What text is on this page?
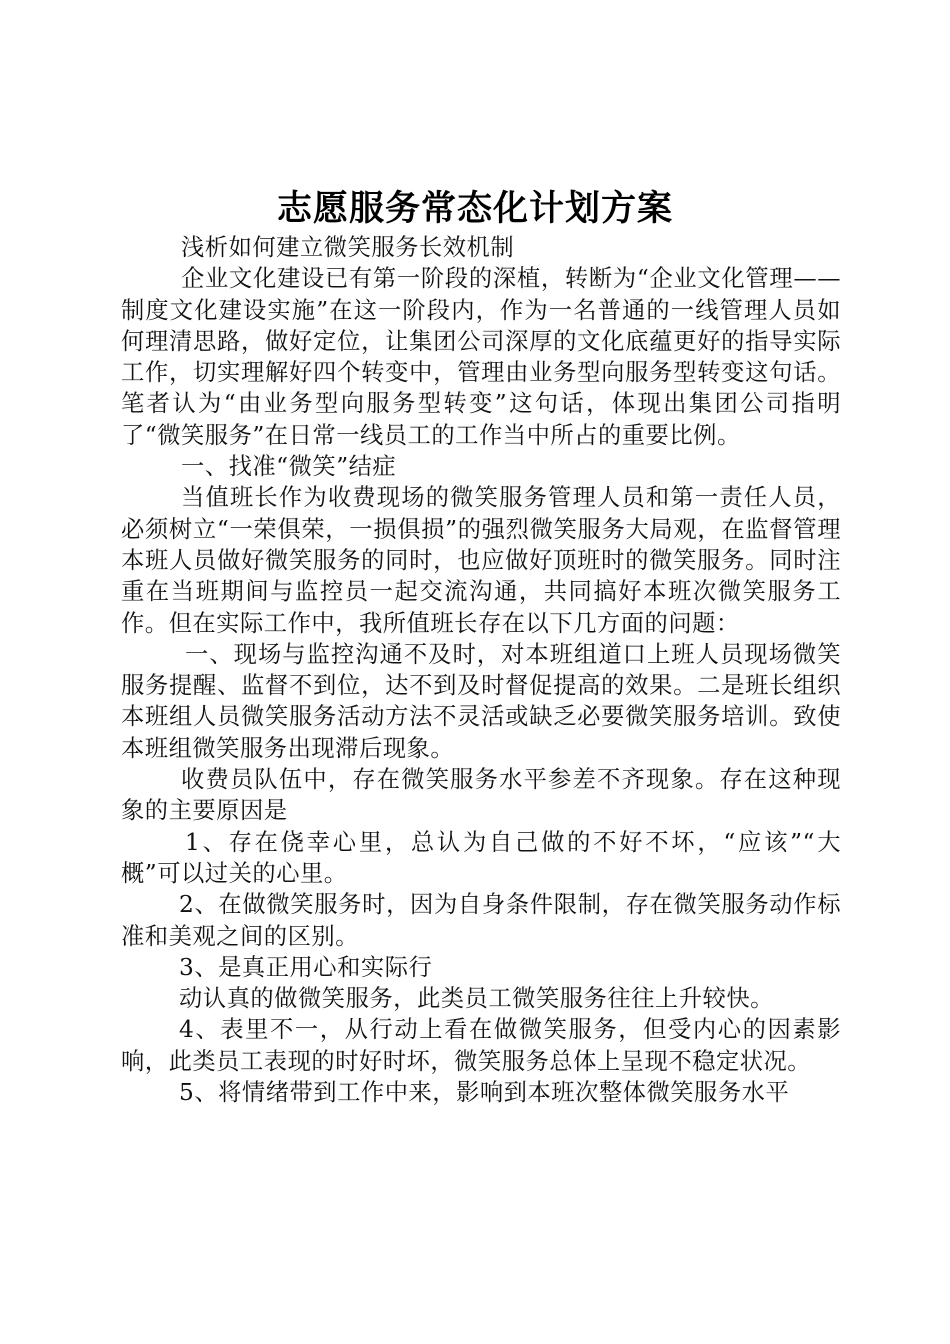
志愿服务常态化计划方案

浅析如何建立微笑服务长效机制

企业文化建设已有第一阶段的深植，转断为“企业文化管理——制度文化建设实施”在这一阶段内，作为一名普通的一线管理人员如何理清思路，做好定位，让集团公司深厚的文化底蕴更好的指导实际工作，切实理解好四个转变中，管理由业务型向服务型转变这句话。笔者认为“由业务型向服务型转变”这句话，体现出集团公司指明了“微笑服务”在日常一线员工的工作当中所占的重要比例。

一、找准“微笑”结症

当值班长作为收费现场的微笑服务管理人员和第一责任人员，必须树立“一荣俱荣，一损俱损”的强烈微笑服务大局观，在监督管理本班人员做好微笑服务的同时，也应做好顶班时的微笑服务。同时注重在当班期间与监控员一起交流沟通，共同搞好本班次微笑服务工作。但在实际工作中，我所值班长存在以下几方面的问题：

一、现场与监控沟通不及时，对本班组道口上班人员现场微笑服务提醒、监督不到位，达不到及时督促提高的效果。二是班长组织本班组人员微笑服务活动方法不灵活或缺乏必要微笑服务培训。致使本班组微笑服务出现滞后现象。

收费员队伍中，存在微笑服务水平参差不齐现象。存在这种现象的主要原因是

1、存在侥幸心里，总认为自己做的不好不坏，“应该”“大概”可以过关的心里。

2、在做微笑服务时，因为自身条件限制，存在微笑服务动作标准和美观之间的区别。

3、是真正用心和实际行

动认真的做微笑服务，此类员工微笑服务往往上升较快。

4、表里不一，从行动上看在做微笑服务，但受内心的因素影响，此类员工表现的时好时坏，微笑服务总体上呈现不稳定状况。

5、将情绪带到工作中来，影响到本班次整体微笑服务水平
